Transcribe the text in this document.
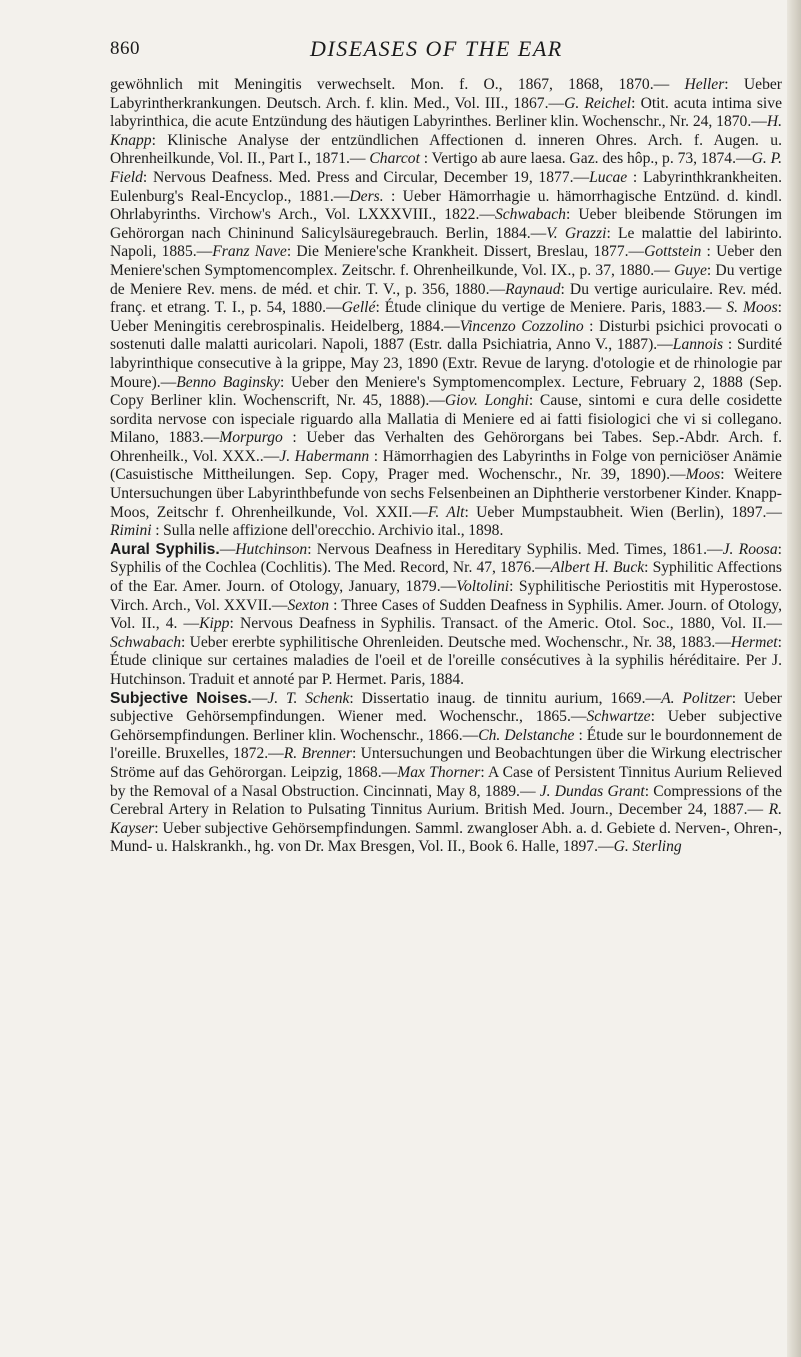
860	DISEASES OF THE EAR

gewöhnlich mit Meningitis verwechselt. Mon. f. O., 1867, 1868, 1870.— Heller: Ueber Labyrintherkrankungen. Deutsch. Arch. f. klin. Med., Vol. III., 1867.—G. Reichel: Otit. acuta intima sive labyrinthica, die acute Entzündung des häutigen Labyrinthes. Berliner klin. Wochenschr., Nr. 24, 1870.—H. Knapp: Klinische Analyse der entzündlichen Affectionen d. inneren Ohres. Arch. f. Augen. u. Ohrenheilkunde, Vol. II., Part I., 1871.— Charcot : Vertigo ab aure laesa. Gaz. des hôp., p. 73, 1874.—G. P. Field: Nervous Deafness. Med. Press and Circular, December 19, 1877.—Lucae : Labyrinthkrankheiten. Eulenburg's Real-Encyclop., 1881.—Ders. : Ueber Hämorrhagie u. hämorrhagische Entzünd. d. kindl. Ohrlabyrinths. Virchow's Arch., Vol. LXXXVIII., 1822.—Schwabach: Ueber bleibende Störungen im Gehörorgan nach Chininund Salicylsäuregebrauch. Berlin, 1884.—V. Grazzi: Le malattie del labirinto. Napoli, 1885.—Franz Nave: Die Meniere'sche Krankheit. Dissert, Breslau, 1877.—Gottstein : Ueber den Meniere'schen Symptomencomplex. Zeitschr. f. Ohrenheilkunde, Vol. IX., p. 37, 1880.— Guye: Du vertige de Meniere Rev. mens. de méd. et chir. T. V., p. 356, 1880.—Raynaud: Du vertige auriculaire. Rev. méd. franç. et etrang. T. I., p. 54, 1880.—Gellé: Étude clinique du vertige de Meniere. Paris, 1883.— S. Moos: Ueber Meningitis cerebrospinalis. Heidelberg, 1884.—Vincenzo Cozzolino : Disturbi psichici provocati o sostenuti dalle malatti auricolari. Napoli, 1887 (Estr. dalla Psichiatria, Anno V., 1887).—Lannois : Surdité labyrinthique consecutive à la grippe, May 23, 1890 (Extr. Revue de laryng. d'otologie et de rhinologie par Moure).—Benno Baginsky: Ueber den Meniere's Symptomencomplex. Lecture, February 2, 1888 (Sep. Copy Berliner klin. Wochenscrift, Nr. 45, 1888).—Giov. Longhi: Cause, sintomi e cura delle cosidette sordita nervose con ispeciale riguardo alla Mallatia di Meniere ed ai fatti fisiologici che vi si collegano. Milano, 1883.—Morpurgo : Ueber das Verhalten des Gehörorgans bei Tabes. Sep.-Abdr. Arch. f. Ohrenheilk., Vol. XXX..—J. Habermann : Hämorrhagien des Labyrinths in Folge von perniciöser Anämie (Casuistische Mittheilungen. Sep. Copy, Prager med. Wochenschr., Nr. 39, 1890).—Moos: Weitere Untersuchungen über Labyrinthbefunde von sechs Felsenbeinen an Diphtherie verstorbener Kinder. Knapp-Moos, Zeitschr f. Ohrenheilkunde, Vol. XXII.—F. Alt: Ueber Mumpstaubheit. Wien (Berlin), 1897.—Rimini : Sulla nelle affizione dell'orecchio. Archivio ital., 1898.

Aural Syphilis.—Hutchinson: Nervous Deafness in Hereditary Syphilis. Med. Times, 1861.—J. Roosa: Syphilis of the Cochlea (Cochlitis). The Med. Record, Nr. 47, 1876.—Albert H. Buck: Syphilitic Affections of the Ear. Amer. Journ. of Otology, January, 1879.—Voltolini: Syphilitische Periostitis mit Hyperostose. Virch. Arch., Vol. XXVII.—Sexton : Three Cases of Sudden Deafness in Syphilis. Amer. Journ. of Otology, Vol. II., 4. —Kipp: Nervous Deafness in Syphilis. Transact. of the Americ. Otol. Soc., 1880, Vol. II.—Schwabach: Ueber ererbte syphilitische Ohrenleiden. Deutsche med. Wochenschr., Nr. 38, 1883.—Hermet: Étude clinique sur certaines maladies de l'oeil et de l'oreille consécutives à la syphilis héréditaire. Per J. Hutchinson. Traduit et annoté par P. Hermet. Paris, 1884.

Subjective Noises.—J. T. Schenk: Dissertatio inaug. de tinnitu aurium, 1669.—A. Politzer: Ueber subjective Gehörsempfindungen. Wiener med. Wochenschr., 1865.—Schwartze: Ueber subjective Gehörsempfindungen. Berliner klin. Wochenschr., 1866.—Ch. Delstanche : Étude sur le bourdonnement de l'oreille. Bruxelles, 1872.—R. Brenner: Untersuchungen und Beobachtungen über die Wirkung electrischer Ströme auf das Gehörorgan. Leipzig, 1868.—Max Thorner: A Case of Persistent Tinnitus Aurium Relieved by the Removal of a Nasal Obstruction. Cincinnati, May 8, 1889.— J. Dundas Grant: Compressions of the Cerebral Artery in Relation to Pulsating Tinnitus Aurium. British Med. Journ., December 24, 1887.— R. Kayser: Ueber subjective Gehörsempfindungen. Samml. zwangloser Abh. a. d. Gebiete d. Nerven-, Ohren-, Mund- u. Halskrankh., hg. von Dr. Max Bresgen, Vol. II., Book 6. Halle, 1897.—G. Sterling
